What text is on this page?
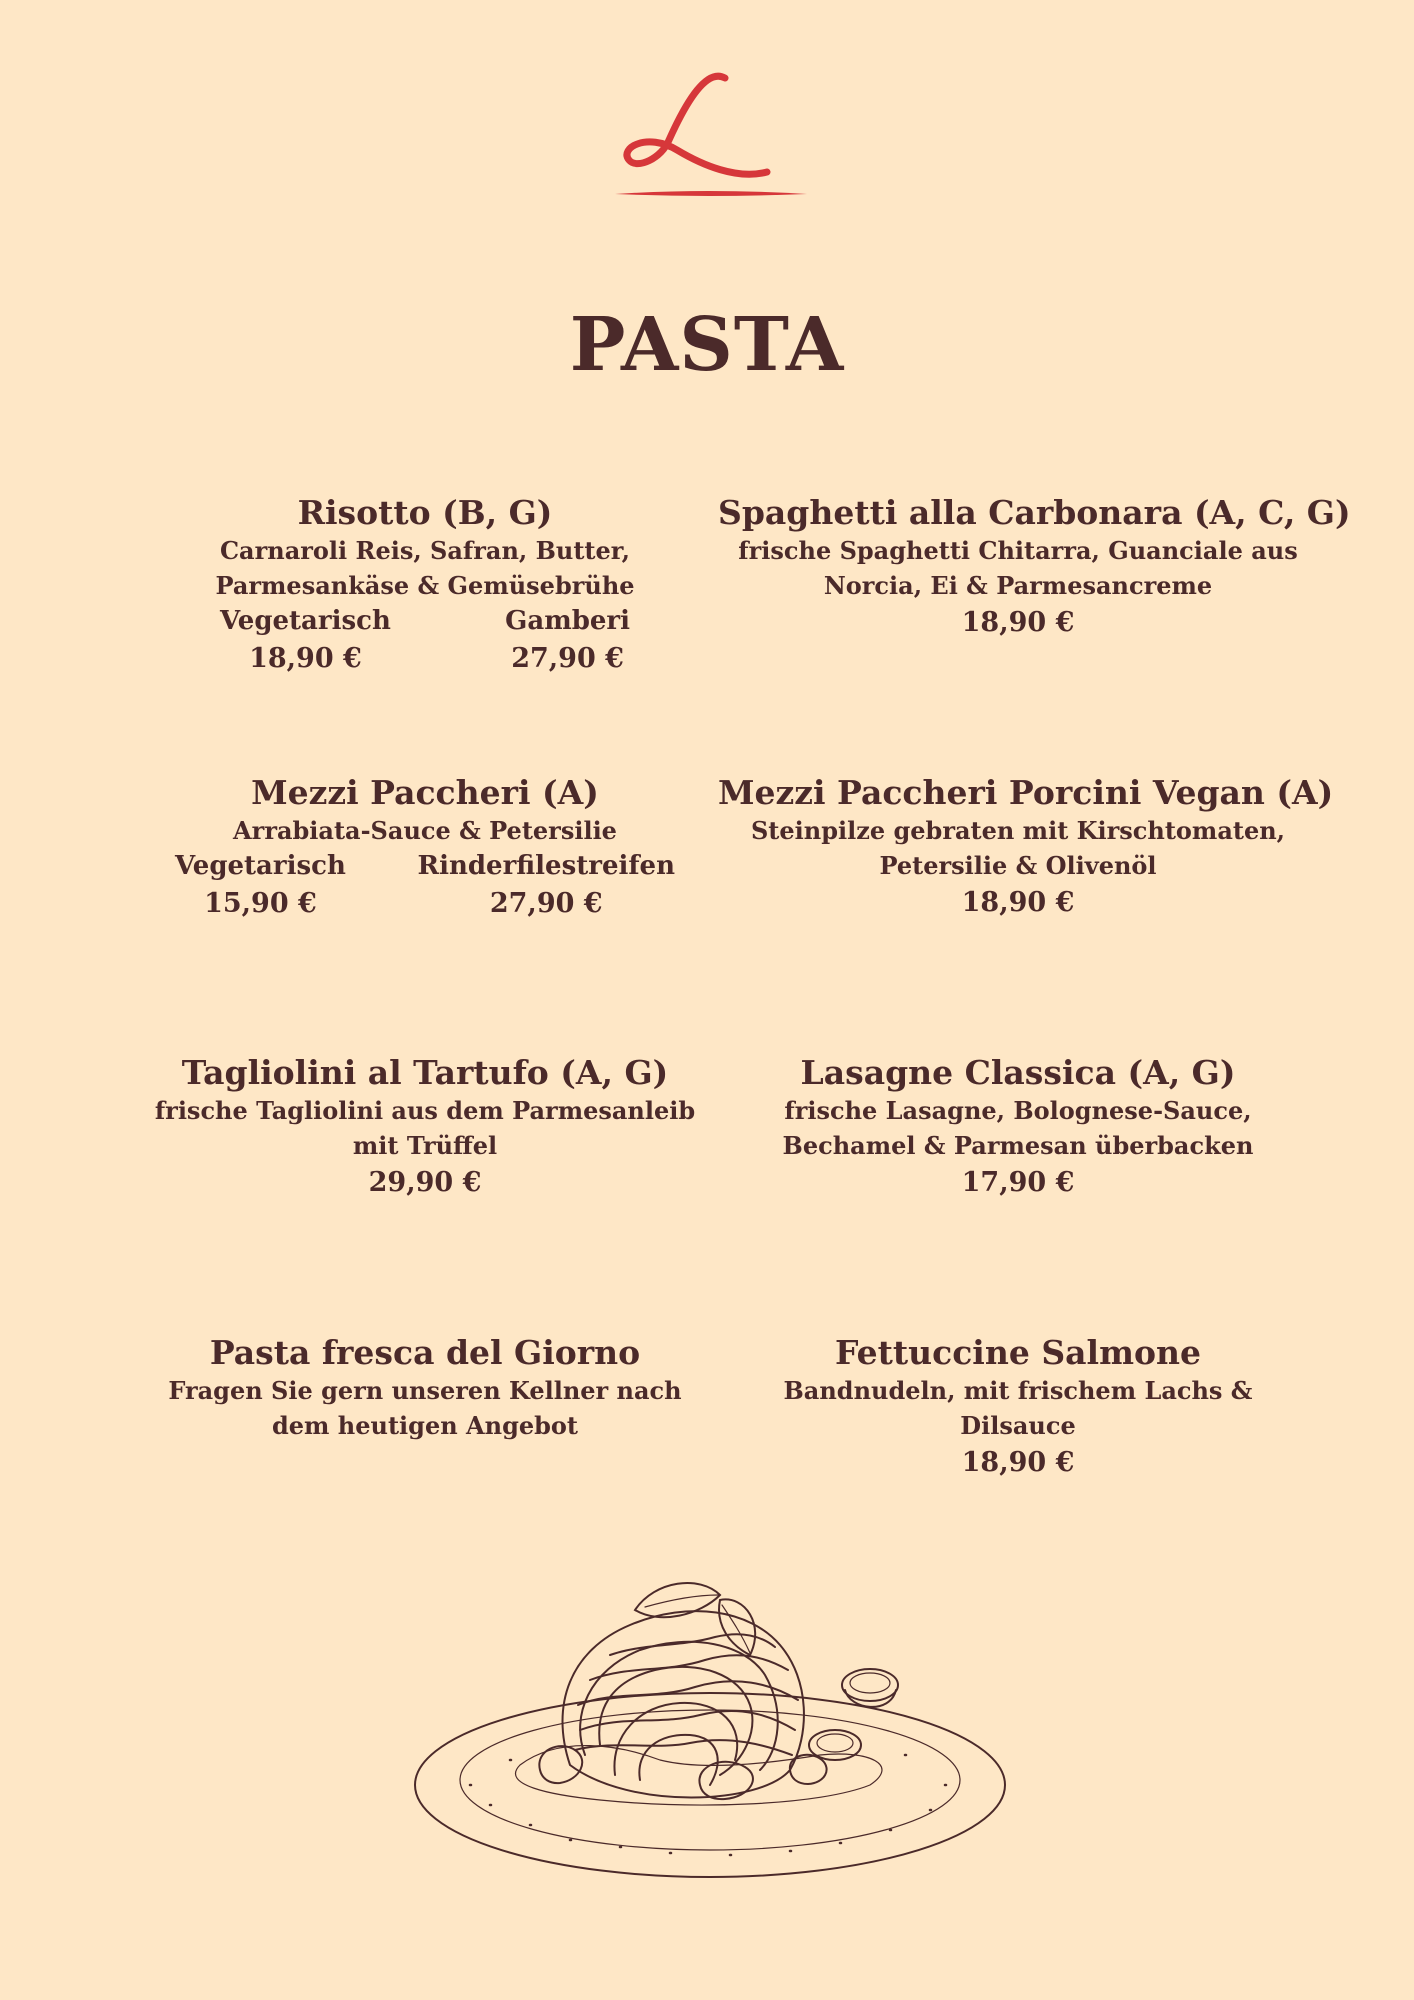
PASTA
Risotto (B, G)
Carnaroli Reis, Safran, Butter, Parmesankäse & Gemüsebrühe
Vegetarisch
18,90 €
Gamberi
27,90 €
Spaghetti alla Carbonara (A, C, G)
frische Spaghetti Chitarra, Guanciale aus Norcia, Ei & Parmesancreme
18,90 €
Mezzi Paccheri (A)
Arrabiata-Sauce & Petersilie
Vegetarisch
15,90 €
Rinderfilestreifen
27,90 €
Mezzi Paccheri Porcini Vegan (A)
Steinpilze gebraten mit Kirschtomaten, Petersilie & Olivenöl
18,90 €
Tagliolini al Tartufo (A, G)
frische Tagliolini aus dem Parmesanleib mit Trüffel
29,90 €
Lasagne Classica (A, G)
frische Lasagne, Bolognese-Sauce, Bechamel & Parmesan überbacken
17,90 €
Pasta fresca del Giorno
Fragen Sie gern unseren Kellner nach dem heutigen Angebot
Fettuccine Salmone
Bandnudeln, mit frischem Lachs & Dilsauce
18,90 €
